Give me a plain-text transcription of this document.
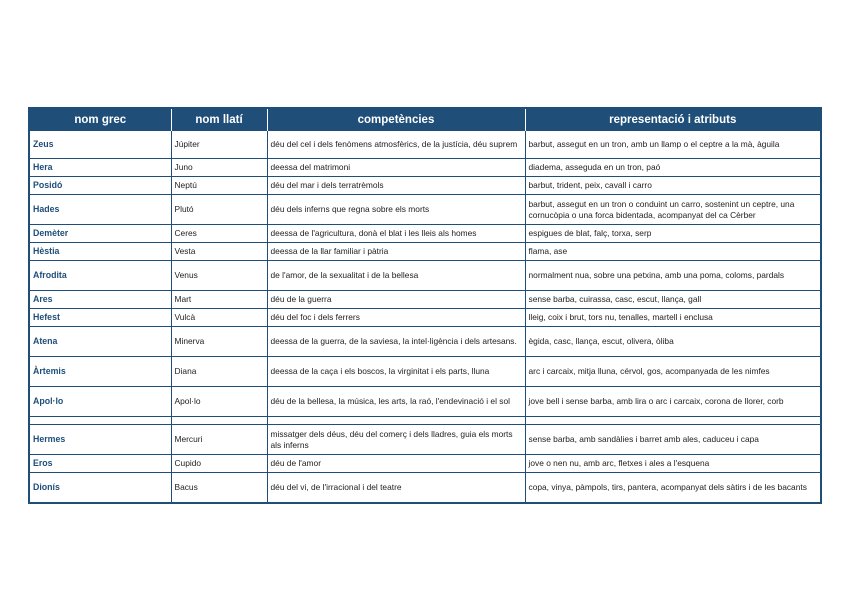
nom grec	nom llatí	competències	representació i atributs
Zeus	Júpiter	déu del cel i dels fenòmens atmosfèrics, de la justícia, déu suprem	barbut, assegut en un tron, amb un llamp o el ceptre a la mà, àguila
Hera	Juno	deessa del matrimoni	diadema, asseguda en un tron, paó
Posidó	Neptú	déu del mar i dels terratrèmols	barbut, trident, peix, cavall i carro
Hades	Plutó	déu dels inferns que regna sobre els morts	barbut, assegut en un tron o conduint un carro, sostenint un ceptre, una cornucòpia o una forca bidentada, acompanyat del ca Cèrber
Demèter	Ceres	deessa de l'agricultura, donà el blat i les lleis als homes	espigues de blat, falç, torxa, serp
Hèstia	Vesta	deessa de la llar familiar i pàtria	flama, ase
Afrodita	Venus	de l'amor, de la sexualitat i de la bellesa	normalment nua, sobre una petxina, amb una poma, coloms, pardals
Ares	Mart	déu de la guerra	sense barba, cuirassa, casc, escut, llança, gall
Hefest	Vulcà	déu del foc i dels ferrers	lleig, coix i brut, tors nu, tenalles, martell i enclusa
Atena	Minerva	deessa de la guerra, de la saviesa, la intel·ligència i dels artesans.	ègida, casc, llança, escut, olivera, òliba
Àrtemis	Diana	deessa de la caça i els boscos, la virginitat i els parts, lluna	arc i carcaix, mitja lluna, cérvol, gos, acompanyada de les nimfes
Apol·lo	Apol·lo	déu de la bellesa, la música, les arts, la raó, l'endevinació i el sol	jove bell i sense barba, amb lira o arc i carcaix, corona de llorer, corb

Hermes	Mercuri	missatger dels déus, déu del comerç i dels lladres, guia els morts als inferns	sense barba, amb sandàlies i barret amb ales, caduceu i capa
Eros	Cupido	déu de l'amor	jove o nen nu, amb arc, fletxes i ales a l'esquena
Dionís	Bacus	déu del vi, de l'irracional i del teatre	copa, vinya, pàmpols, tirs, pantera, acompanyat dels sàtirs i de les bacants
